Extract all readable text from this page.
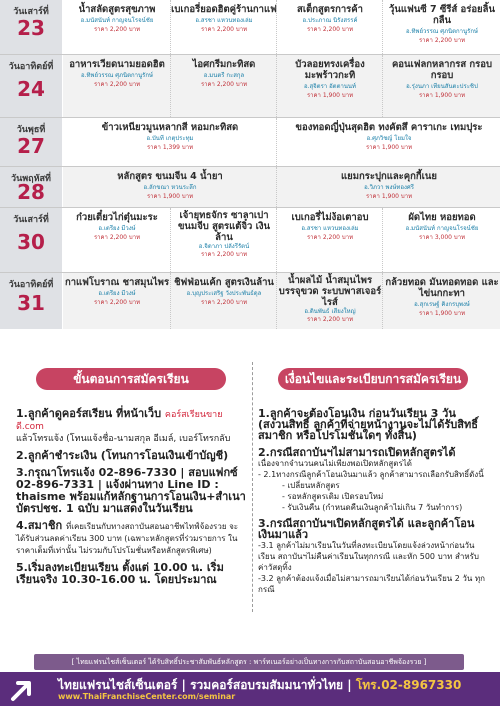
วันเสาร์ที่
23
น้ำสลัดสูตรสุขภาพ
อ.มนัสนันท์ กาญจนโรจน์ชัย
ราคา 2,200 บาท
เบเกอรี่ยอดฮิตคู่ร้านกาแฟ
อ.สรชา แหวนทองเล่ม
ราคา 2,200 บาท
สเต็กสูตรการค้า
อ.ประภาณ นิรังสรรค์
ราคา 2,200 บาท
วุ้นแฟนซี 7 ซีรีส์ อร่อยลิ้นกลืน
อ.ทิพย์วรรณ ศุภนิตกานูรักษ์
ราคา 2,200 บาท
วันอาทิตย์ที่
24
อาหารเวียดนามยอดฮิต
อ.ทิพย์วรรณ ศุภนิตกานูรักษ์
ราคา 2,200 บาท
ไอศกรีมกะทิสด
อ.มนตรี กะสกุล
ราคา 2,200 บาท
บัวลอยทรงเครื่อง มะพร้าวกะทิ
อ.สุจิตรา อัตตานนท์
ราคา 1,900 บาท
คอนเฟลกหลากรส กรอบ กรอบ
อ.รุ่งนภา เทียนสันตะประชิป
ราคา 1,900 บาท
วันพุธที่
27
ข้าวเหนียวมูนหลากสี หอมกะทิสด
อ.บันที เกตุประทุม
ราคา 1,399 บาท
ของทอดญี่ปุ่นสุดฮิต ทงคัตสึ คาราเกะ เทมปุระ
อ.ศุภวิชญ์ โยมใจ
ราคา 1,900 บาท
วันพฤหัสที่
28
หลักสูตร ขนมจีน 4 น้ำยา
อ.ลักขณา หวนระลึก
ราคา 1,900 บาท
แยมกระปุกและคุกกี้เนย
อ.วิภวา พงษ์ทองศรี
ราคา 1,900 บาท
วันเสาร์ที่
30
ก๋วยเตี๋ยวไก่ตุ๋นมะระ
อ.เตรียง มีวงษ์
ราคา 2,200 บาท
เจ้ายุทธจักร ซาลาเปา ขนมจีบ สูตรแต้จิ๋ว เงินล้าน
อ.จิดาภา ปลังรีรัตน์
ราคา 2,200 บาท
เบเกอรี่ไม่ง้อเตาอบ
อ.สรชา แหวนทองเล่ม
ราคา 2,200 บาท
ผัดไทย หอยทอด
อ.มนัสนันท์ กาญจนโรจน์ชัย
ราคา 3,000 บาท
วันอาทิตย์ที่
31
กาแฟโบราณ ชาสมุนไพร
อ.เตรียง มีวงษ์
ราคา 2,200 บาท
ชิฟฟ่อนเค้ก สูตรเงินล้าน
อ.บุญประเสริฐ วังประพันธ์ดุล
ราคา 2,200 บาท
น้ำผลไม้ น้ำสมุนไพร บรรจุขวด ระบบพาสเจอร์ไรส์
อ.ดินพันธ์ เสียงใหญ่
ราคา 2,200 บาท
กล้วยทอด มันทอดทอด และไข่นกกะทา
อ.สุกเรษฐ์ คิงกรบุพงษ์
ราคา 1,900 บาท
ขั้นตอนการสมัครเรียน
1.ลูกค้าดูคอร์สเรียน ที่หน้าเว็บ คอร์สเรียนขายดี.com
แล้วโทรแจ้ง (โทนแจ้งชื่อ-นามสกุล อีเมล์, เบอร์โทรกลับ
2.ลูกค้าชำระเงิน (โทนการโอนเงินเข้าบัญชี)
3.กรุณาโทรแจ้ง 02-896-7330 | สอบแฟกซ์ 02-896-7331 | แจ้งผ่านทาง Line ID : thaisme พร้อมแก้หลักฐานการโอนเงิน+สำเนาบัตรปชช. 1 ฉบับ มาแสดงในวันเรียน
4.สมาชิก ที่เคยเรียนกับทางสถาบันสอนอาชีพไทฟ์จ้องรวย จะได้รับส่วนลดค่าเรียน 300 บาท (เฉพาะหลักสูตรที่ร่วมรายการ ในราคาเต็มที่เท่านั้น ไม่รวมกับโปรโมชั่นหรือหลักสูตรพิเศษ)
5.เริ่มลงทะเบียนเรียน ตั้งแต่ 10.00 น. เริ่มเรียนจริง 10.30-16.00 น. โดยประมาณ
เงื่อนไขและระเบียบการสมัครเรียน
1.ลูกค้าจะต้องโอนเงิน ก่อนวันเรียน 3 วัน (สงวนสิทธิ์ ลูกค้าที่จ่ายหน้างานจะไม่ได้รับสิทธิ์สมาชิก หรือโปรโมชั่นใดๆ ทั้งสิ้น)
2.กรณีสถาบันฯไม่สามารถเปิดหลักสูตรได้
เนื่องจากจำนวนคนไม่เพียงพอเปิดหลักสูตรได้
- 2.1ทางกรณีลูกค้าโอนเงินมาแล้ว ลูกค้าสามารถเลือกรับสิทธิ์ดังนี้
- เปลี่ยนหลักสูตร
- รอหลักสูตรเดิม เปิดรอบใหม่
- รับเงินคืน (กำหนดคืนเงินลูกค้าไม่เกิน 7 วันทำการ)
3.กรณีสถาบันฯเปิดหลักสูตรได้ และลูกค้าโอนเงินมาแล้ว
-3.1 ลูกค้าไม่มาเรียนในวันที่ลงทะเบียนโดยแจ้งล่วงหน้าก่อนวันเรียน สถาบันฯไม่คืนค่าเรียนในทุกกรณี และหัก 500 บาท สำหรับค่าวัสดุทิ้ง
-3.2 ลูกค้าต้องแจ้งเมื่อไม่สามารถมาเรียนได้ก่อนวันเรียน 2 วัน ทุกกรณี
[ ไทยแฟรนไชส์เซ็นเตอร์ ได้รับสิทธิ์ประชาสัมพันธ์หลักสูตร : พาร์ทเนอร์อย่างเป็นทางการกับสถาบันสอนอาชีพจ้องรวย ]
ไทยแฟรนไชส์เซ็นเตอร์ | รวมคอร์สอบรมสัมมนาทั่วไทย | โทร.02-8967330
www.ThaiFranchiseCenter.com/seminar
